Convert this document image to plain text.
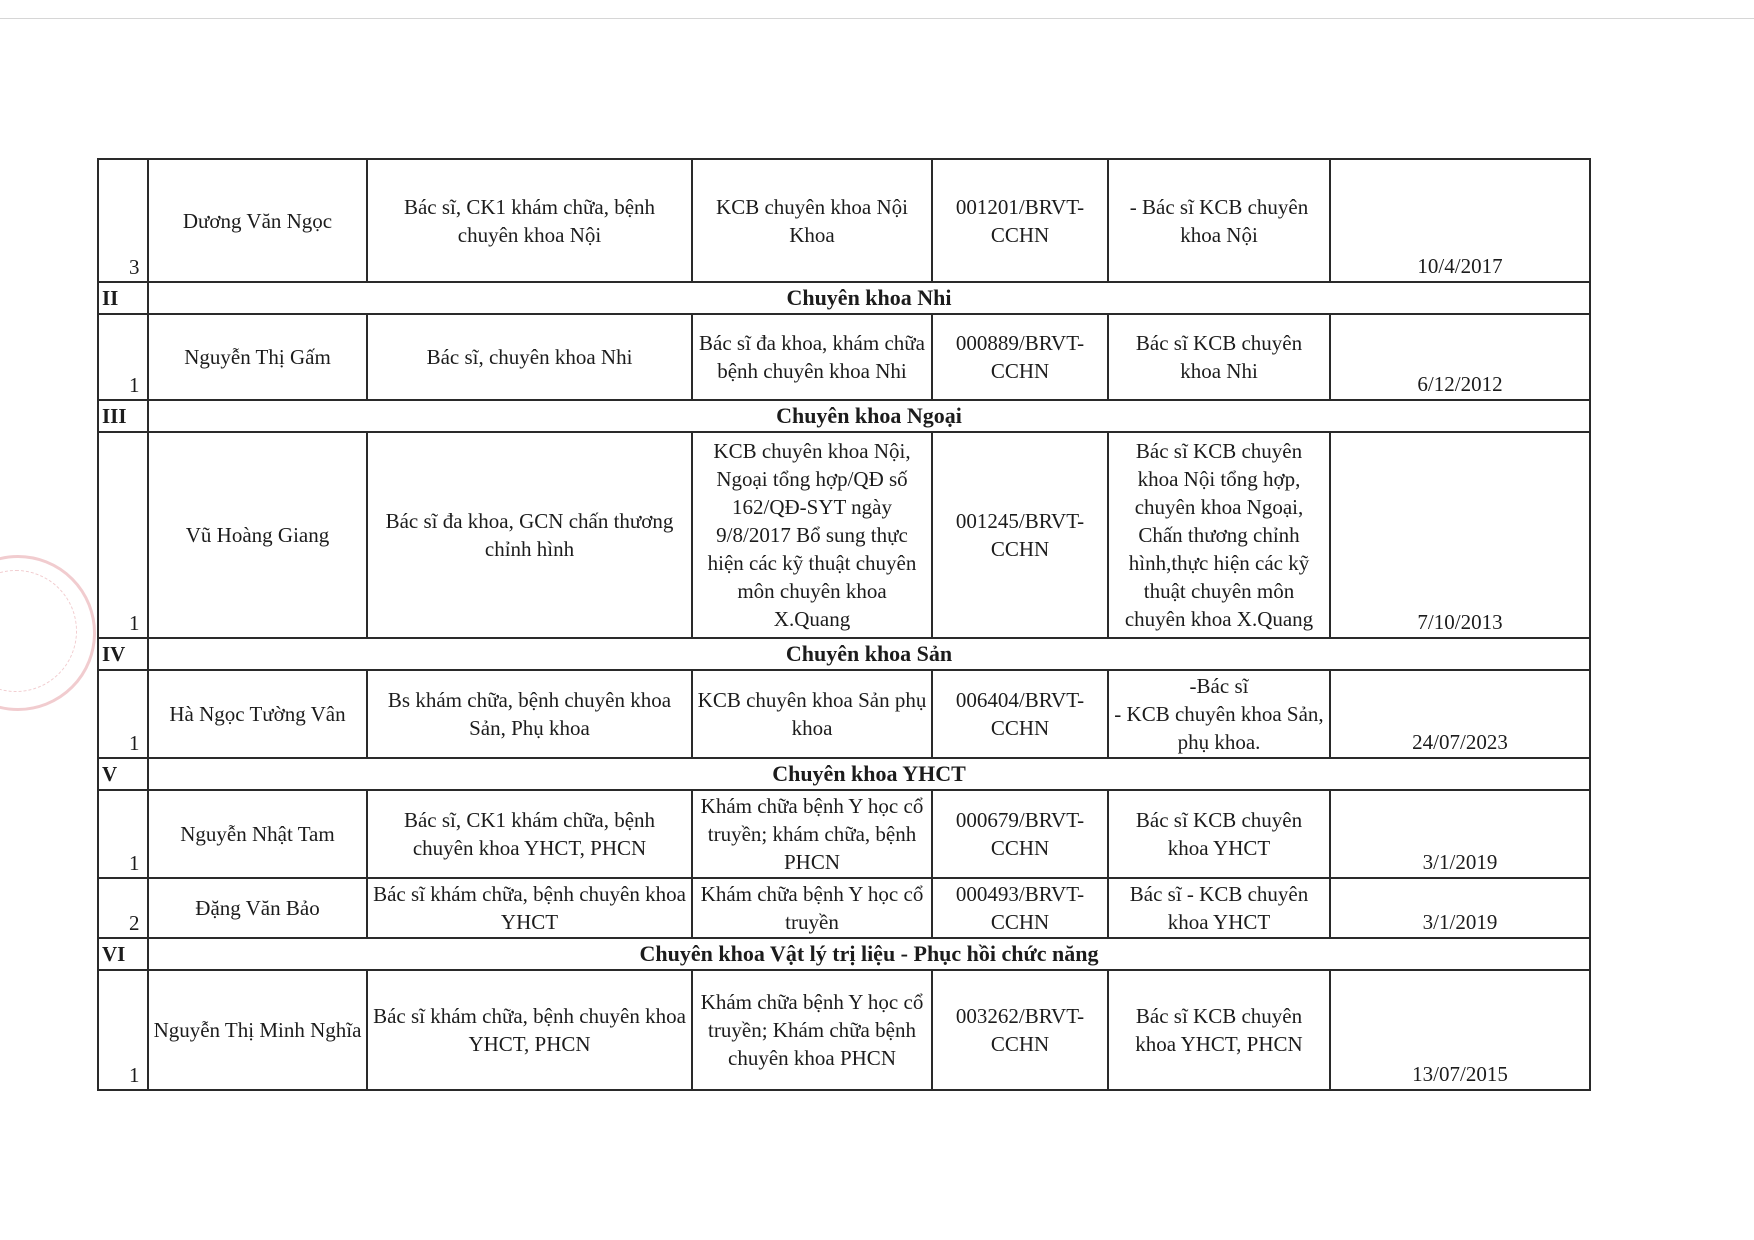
3	Dương Văn Ngọc	Bác sĩ, CK1 khám chữa, bệnh chuyên khoa Nội	KCB chuyên khoa Nội Khoa	001201/BRVT-CCHN	- Bác sĩ KCB chuyên khoa Nội	10/4/2017
II	Chuyên khoa Nhi					
1	Nguyễn Thị Gấm	Bác sĩ, chuyên khoa Nhi	Bác sĩ đa khoa, khám chữa bệnh chuyên khoa Nhi	000889/BRVT-CCHN	Bác sĩ KCB chuyên khoa Nhi	6/12/2012
III	Chuyên khoa Ngoại					
1	Vũ Hoàng Giang	Bác sĩ đa khoa, GCN chấn thương chỉnh hình	KCB chuyên khoa Nội, Ngoại tổng hợp/QĐ số 162/QĐ-SYT ngày 9/8/2017 Bổ sung thực hiện các kỹ thuật chuyên môn chuyên khoa X.Quang	001245/BRVT-CCHN	Bác sĩ KCB chuyên khoa Nội tổng hợp, chuyên khoa Ngoại, Chấn thương chỉnh hình,thực hiện các kỹ thuật chuyên môn chuyên khoa X.Quang	7/10/2013
IV	Chuyên khoa Sản					
1	Hà Ngọc Tường Vân	Bs khám chữa, bệnh chuyên khoa Sản, Phụ khoa	KCB chuyên khoa Sản phụ khoa	006404/BRVT-CCHN	-Bác sĩ
- KCB chuyên khoa Sản, phụ khoa.	24/07/2023
V	Chuyên khoa YHCT					
1	Nguyễn Nhật Tam	Bác sĩ, CK1 khám chữa, bệnh chuyên khoa YHCT, PHCN	Khám chữa bệnh Y học cổ truyền; khám chữa, bệnh PHCN	000679/BRVT-CCHN	Bác sĩ KCB chuyên khoa YHCT	3/1/2019
2	Đặng Văn Bảo	Bác sĩ khám chữa, bệnh chuyên khoa YHCT	Khám chữa bệnh Y học cổ truyền	000493/BRVT-CCHN	Bác sĩ - KCB chuyên khoa YHCT	3/1/2019
VI	Chuyên khoa Vật lý trị liệu - Phục hồi chức năng					
1	Nguyễn Thị Minh Nghĩa	Bác sĩ khám chữa, bệnh chuyên khoa YHCT, PHCN	Khám chữa bệnh Y học cổ truyền; Khám chữa bệnh chuyên khoa PHCN	003262/BRVT-CCHN	Bác sĩ KCB chuyên khoa YHCT, PHCN	13/07/2015
